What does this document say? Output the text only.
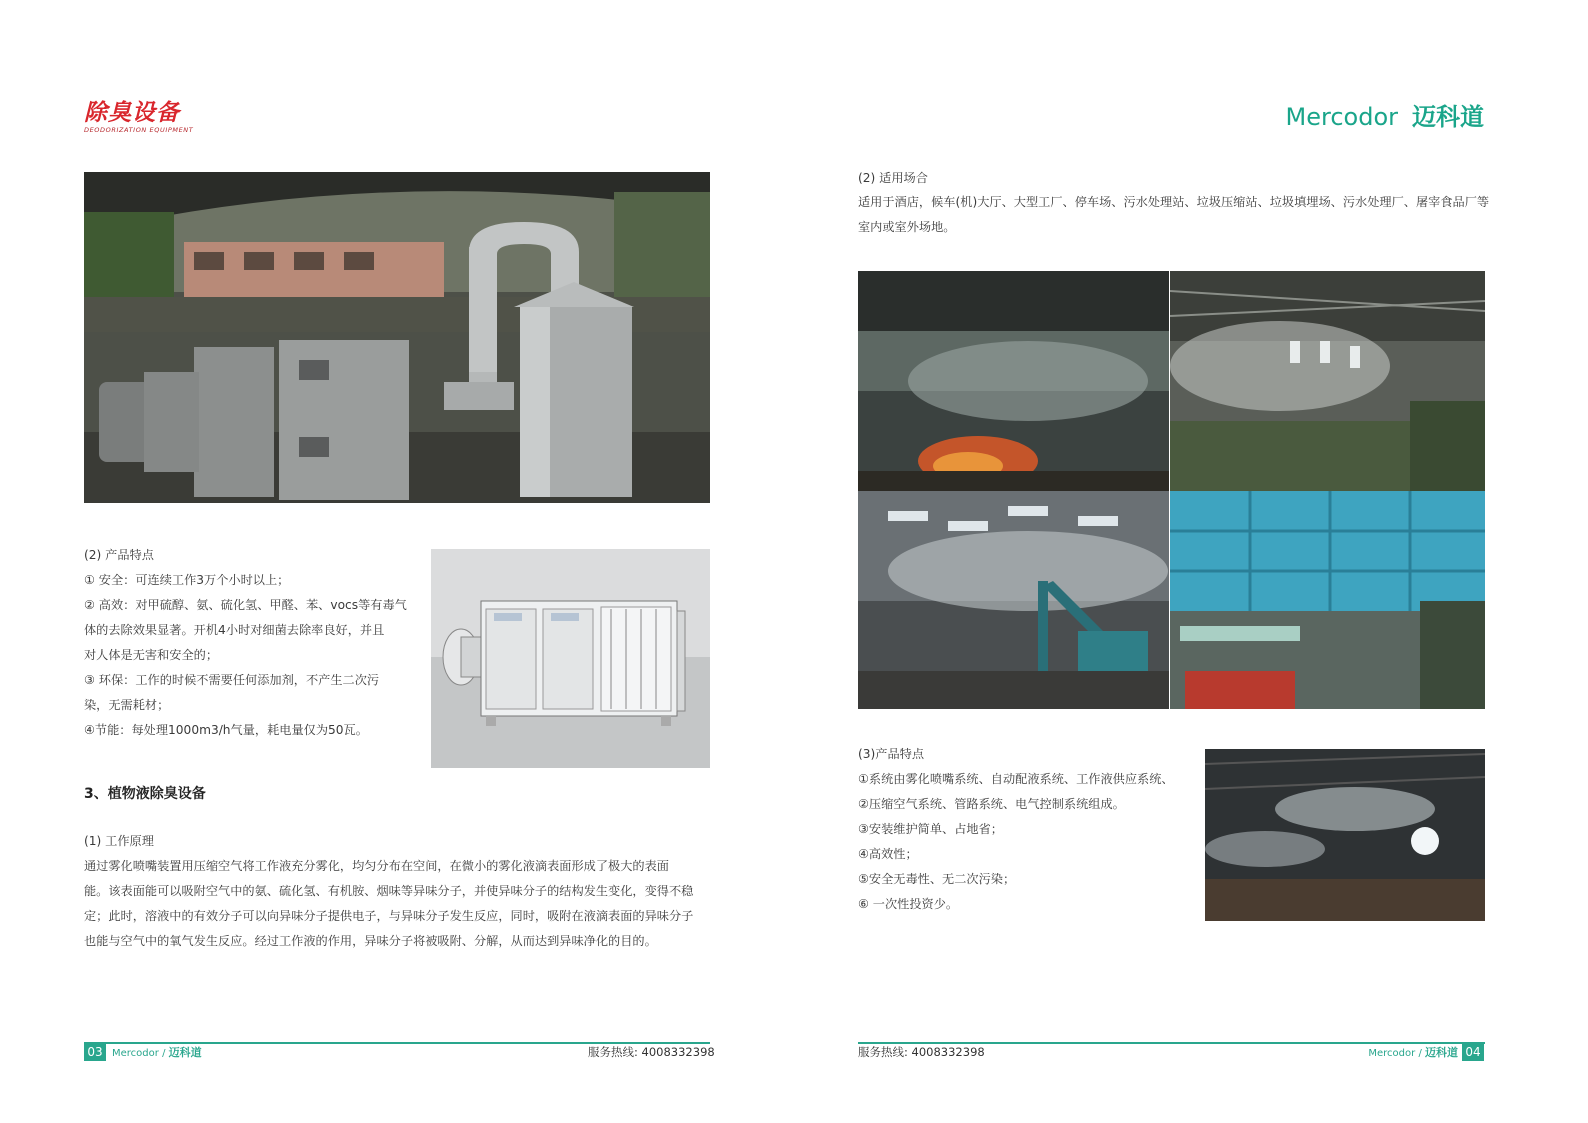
除臭设备
DEODORIZATION EQUIPMENT	Mercodor 迈科道
(2) 产品特点
① 安全：可连续工作3万个小时以上；
② 高效：对甲硫醇、氨、硫化氢、甲醛、苯、vocs等有毒气
体的去除效果显著。开机4小时对细菌去除率良好，并且
对人体是无害和安全的；
③ 环保：工作的时候不需要任何添加剂，不产生二次污
染，无需耗材；
④节能：每处理1000m3/h气量，耗电量仅为50瓦。
3、植物液除臭设备
(1) 工作原理
通过雾化喷嘴装置用压缩空气将工作液充分雾化，均匀分布在空间，在微小的雾化液滴表面形成了极大的表面
能。该表面能可以吸附空气中的氨、硫化氢、有机胺、烟味等异味分子，并使异味分子的结构发生变化，变得不稳
定；此时，溶液中的有效分子可以向异味分子提供电子，与异味分子发生反应，同时，吸附在液滴表面的异味分子
也能与空气中的氧气发生反应。经过工作液的作用，异味分子将被吸附、分解，从而达到异味净化的目的。
(2) 适用场合
适用于酒店，候车(机)大厅、大型工厂、停车场、污水处理站、垃圾压缩站、垃圾填埋场、污水处理厂、屠宰食品厂等
室内或室外场地。
(3)产品特点
①系统由雾化喷嘴系统、自动配液系统、工作液供应系统、
②压缩空气系统、管路系统、电气控制系统组成。
③安装维护简单、占地省；
④高效性；
⑤安全无毒性、无二次污染；
⑥ 一次性投资少。
03 Mercodor / 迈科道	服务热线: 4008332398	服务热线: 4008332398	Mercodor / 迈科道 04
